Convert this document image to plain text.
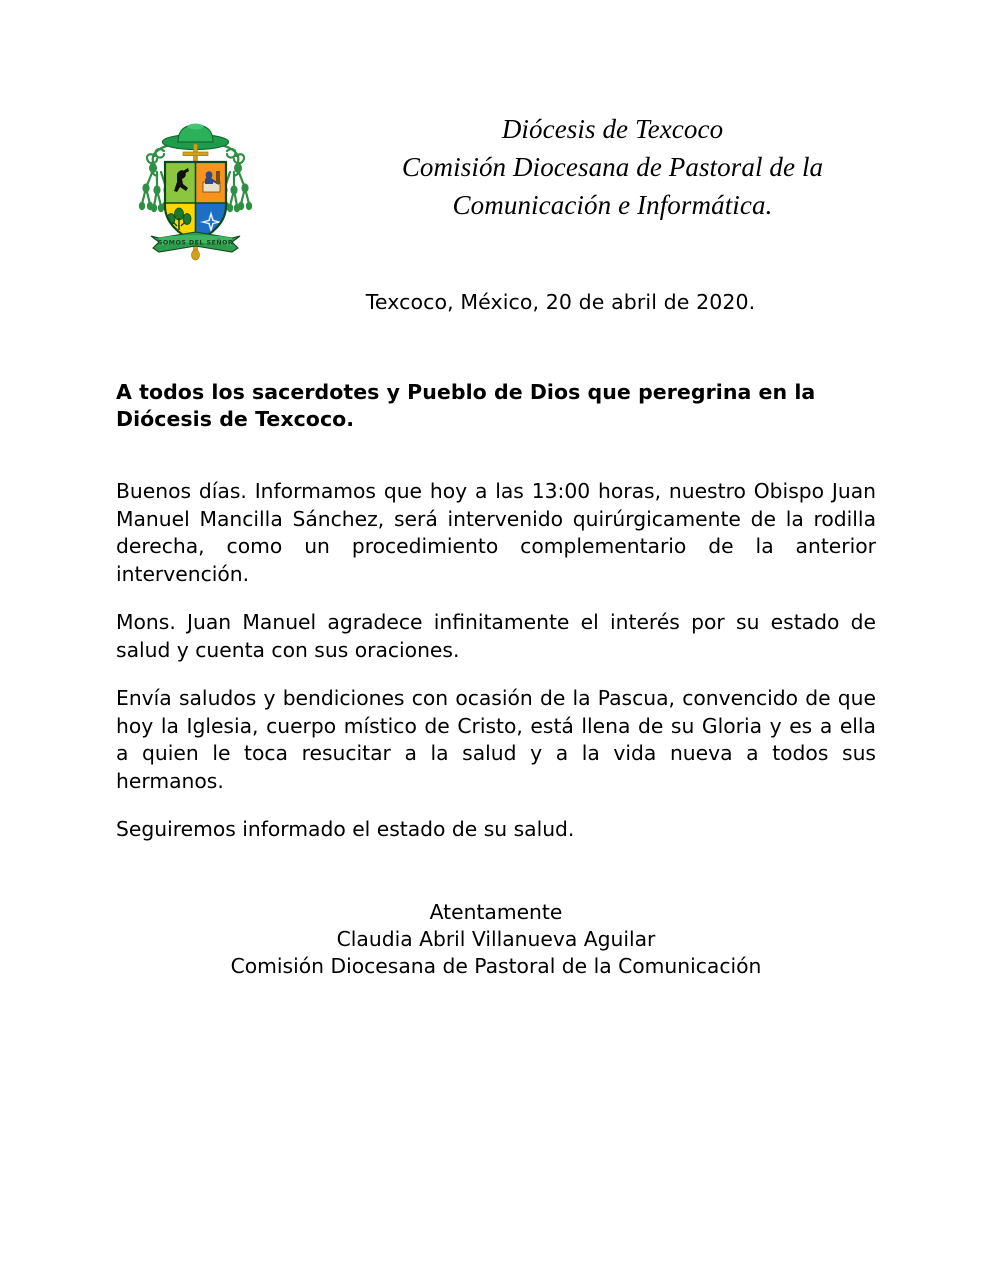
SOMOS DEL SEÑOR
Diócesis de Texcoco
Comisión Diocesana de Pastoral de la
Comunicación e Informática.
Texcoco, México, 20 de abril de 2020.
A todos los sacerdotes y Pueblo de Dios que peregrina en la Diócesis de Texcoco.

Buenos días. Informamos que hoy a las 13:00 horas, nuestro Obispo Juan Manuel Mancilla Sánchez, será intervenido quirúrgicamente de la rodilla derecha, como un procedimiento complementario de la anterior intervención.

Mons. Juan Manuel agradece infinitamente el interés por su estado de salud y cuenta con sus oraciones.

Envía saludos y bendiciones con ocasión de la Pascua, convencido de que hoy la Iglesia, cuerpo místico de Cristo, está llena de su Gloria y es a ella a quien le toca resucitar a la salud y a la vida nueva a todos sus hermanos.

Seguiremos informado el estado de su salud.

Atentamente
Claudia Abril Villanueva Aguilar
Comisión Diocesana de Pastoral de la Comunicación
